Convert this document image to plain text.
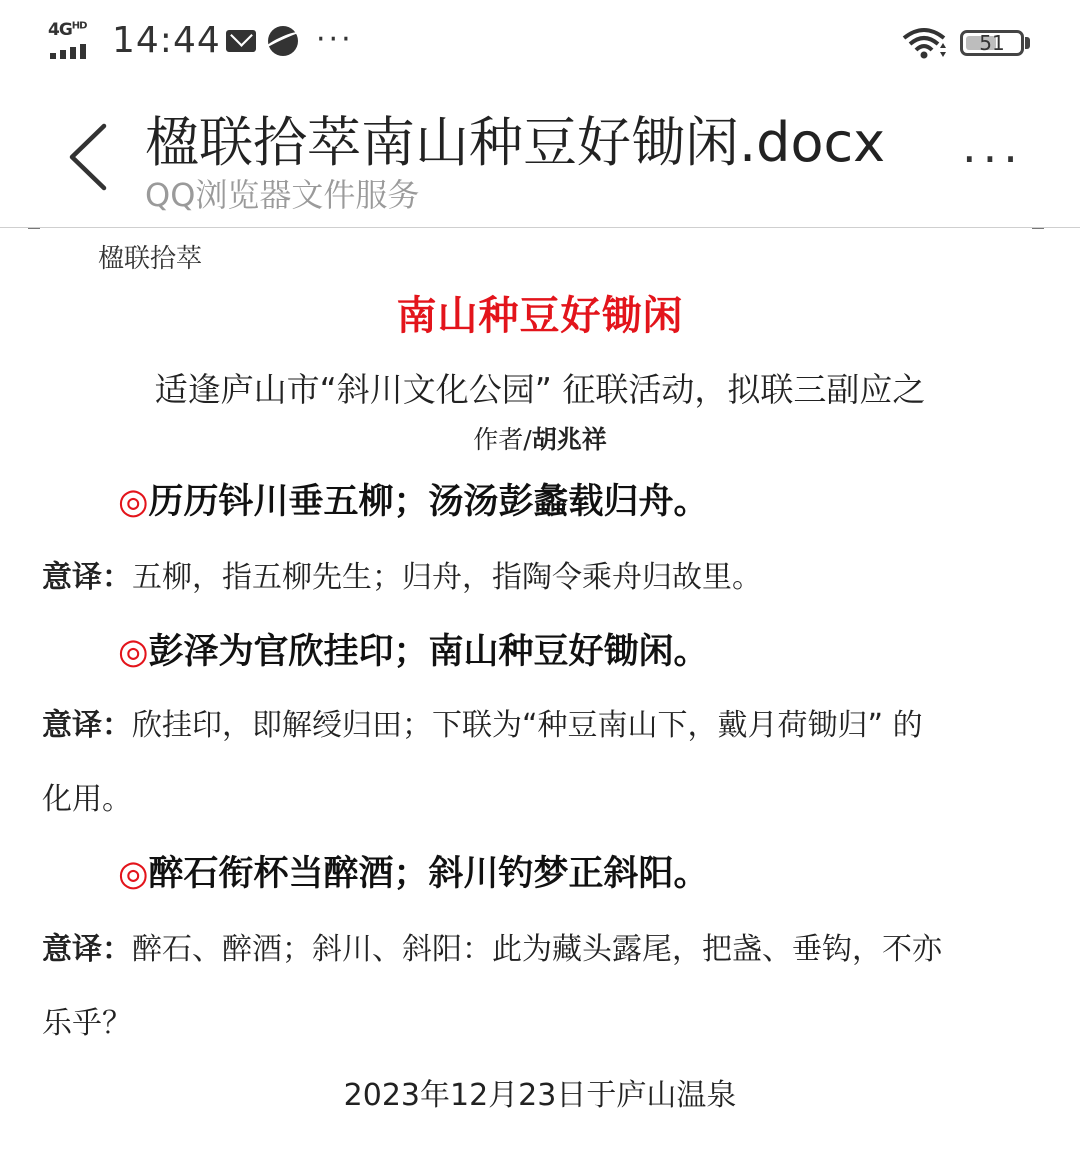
$4G^{HD}$ 14:44	···	51
楹联拾萃南山种豆好锄闲.docx
QQ浏览器文件服务
···
楹联拾萃
南山种豆好锄闲
适逢庐山市“斜川文化公园” 征联活动，拟联三副应之
作者/胡兆祥
◎历历钭川垂五柳；汤汤彭蠡载归舟。
意译：五柳，指五柳先生；归舟，指陶令乘舟归故里。
◎彭泽为官欣挂印；南山种豆好锄闲。
意译：欣挂印，即解绶归田；下联为“种豆南山下，戴月荷锄归” 的
化用。
◎醉石衔杯当醉酒；斜川钓梦正斜阳。
意译：醉石、醉酒；斜川、斜阳：此为藏头露尾，把盏、垂钩，不亦
乐乎？
2023年12月23日于庐山温泉
